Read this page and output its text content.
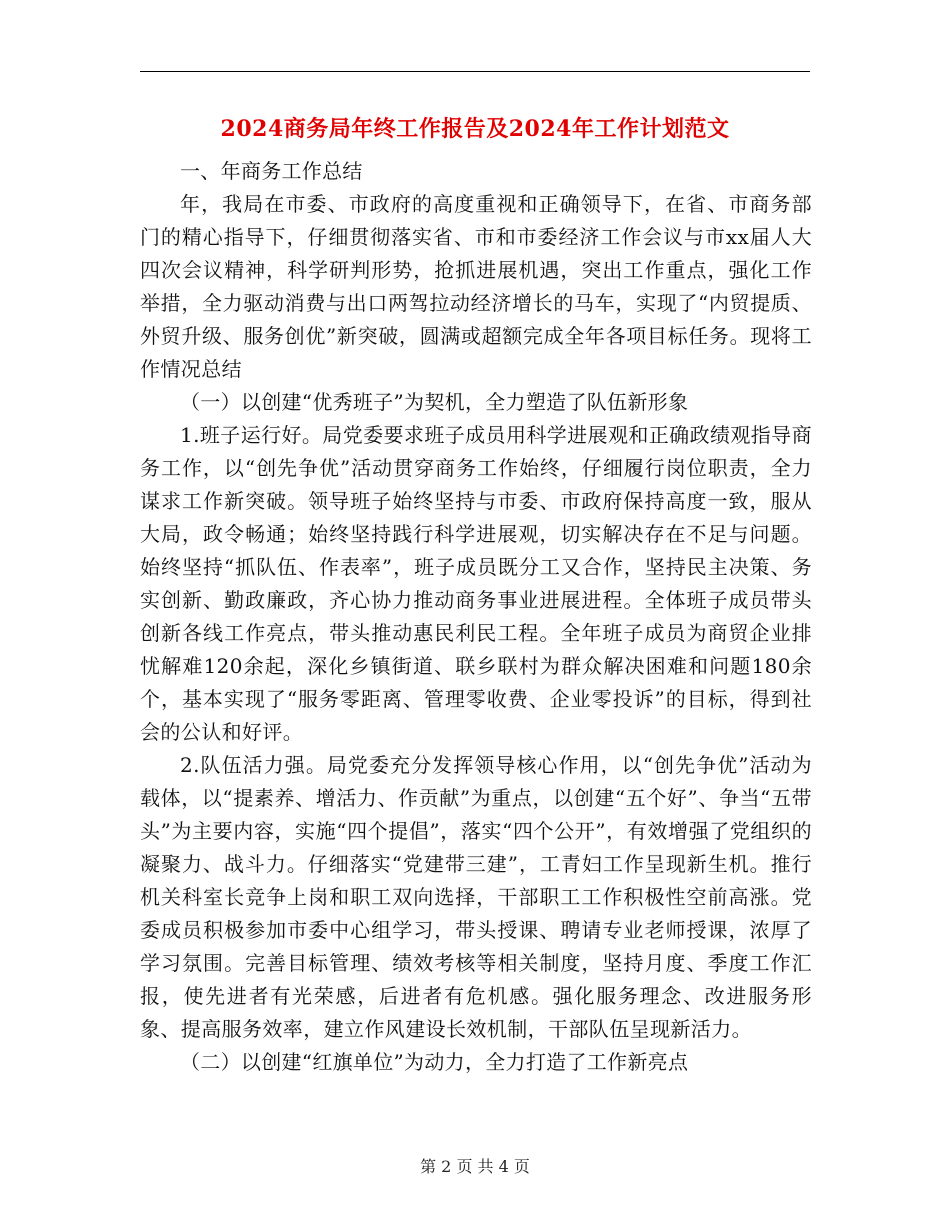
2024商务局年终工作报告及2024年工作计划范文

一、年商务工作总结

年，我局在市委、市政府的高度重视和正确领导下，在省、市商务部门的精心指导下，仔细贯彻落实省、市和市委经济工作会议与市xx届人大四次会议精神，科学研判形势，抢抓进展机遇，突出工作重点，强化工作举措，全力驱动消费与出口两驾拉动经济增长的马车，实现了“内贸提质、外贸升级、服务创优”新突破，圆满或超额完成全年各项目标任务。现将工作情况总结

（一）以创建“优秀班子”为契机，全力塑造了队伍新形象

1.班子运行好。局党委要求班子成员用科学进展观和正确政绩观指导商务工作，以“创先争优”活动贯穿商务工作始终，仔细履行岗位职责，全力谋求工作新突破。领导班子始终坚持与市委、市政府保持高度一致，服从大局，政令畅通；始终坚持践行科学进展观，切实解决存在不足与问题。始终坚持“抓队伍、作表率”，班子成员既分工又合作，坚持民主决策、务实创新、勤政廉政，齐心协力推动商务事业进展进程。全体班子成员带头创新各线工作亮点，带头推动惠民利民工程。全年班子成员为商贸企业排忧解难120余起，深化乡镇街道、联乡联村为群众解决困难和问题180余个，基本实现了“服务零距离、管理零收费、企业零投诉”的目标，得到社会的公认和好评。

2.队伍活力强。局党委充分发挥领导核心作用，以“创先争优”活动为载体，以“提素养、增活力、作贡献”为重点，以创建“五个好”、争当“五带头”为主要内容，实施“四个提倡”，落实“四个公开”，有效增强了党组织的凝聚力、战斗力。仔细落实“党建带三建”，工青妇工作呈现新生机。推行机关科室长竞争上岗和职工双向选择，干部职工工作积极性空前高涨。党委成员积极参加市委中心组学习，带头授课、聘请专业老师授课，浓厚了学习氛围。完善目标管理、绩效考核等相关制度，坚持月度、季度工作汇报，使先进者有光荣感，后进者有危机感。强化服务理念、改进服务形象、提高服务效率，建立作风建设长效机制，干部队伍呈现新活力。

（二）以创建“红旗单位”为动力，全力打造了工作新亮点

第 2 页 共 4 页
